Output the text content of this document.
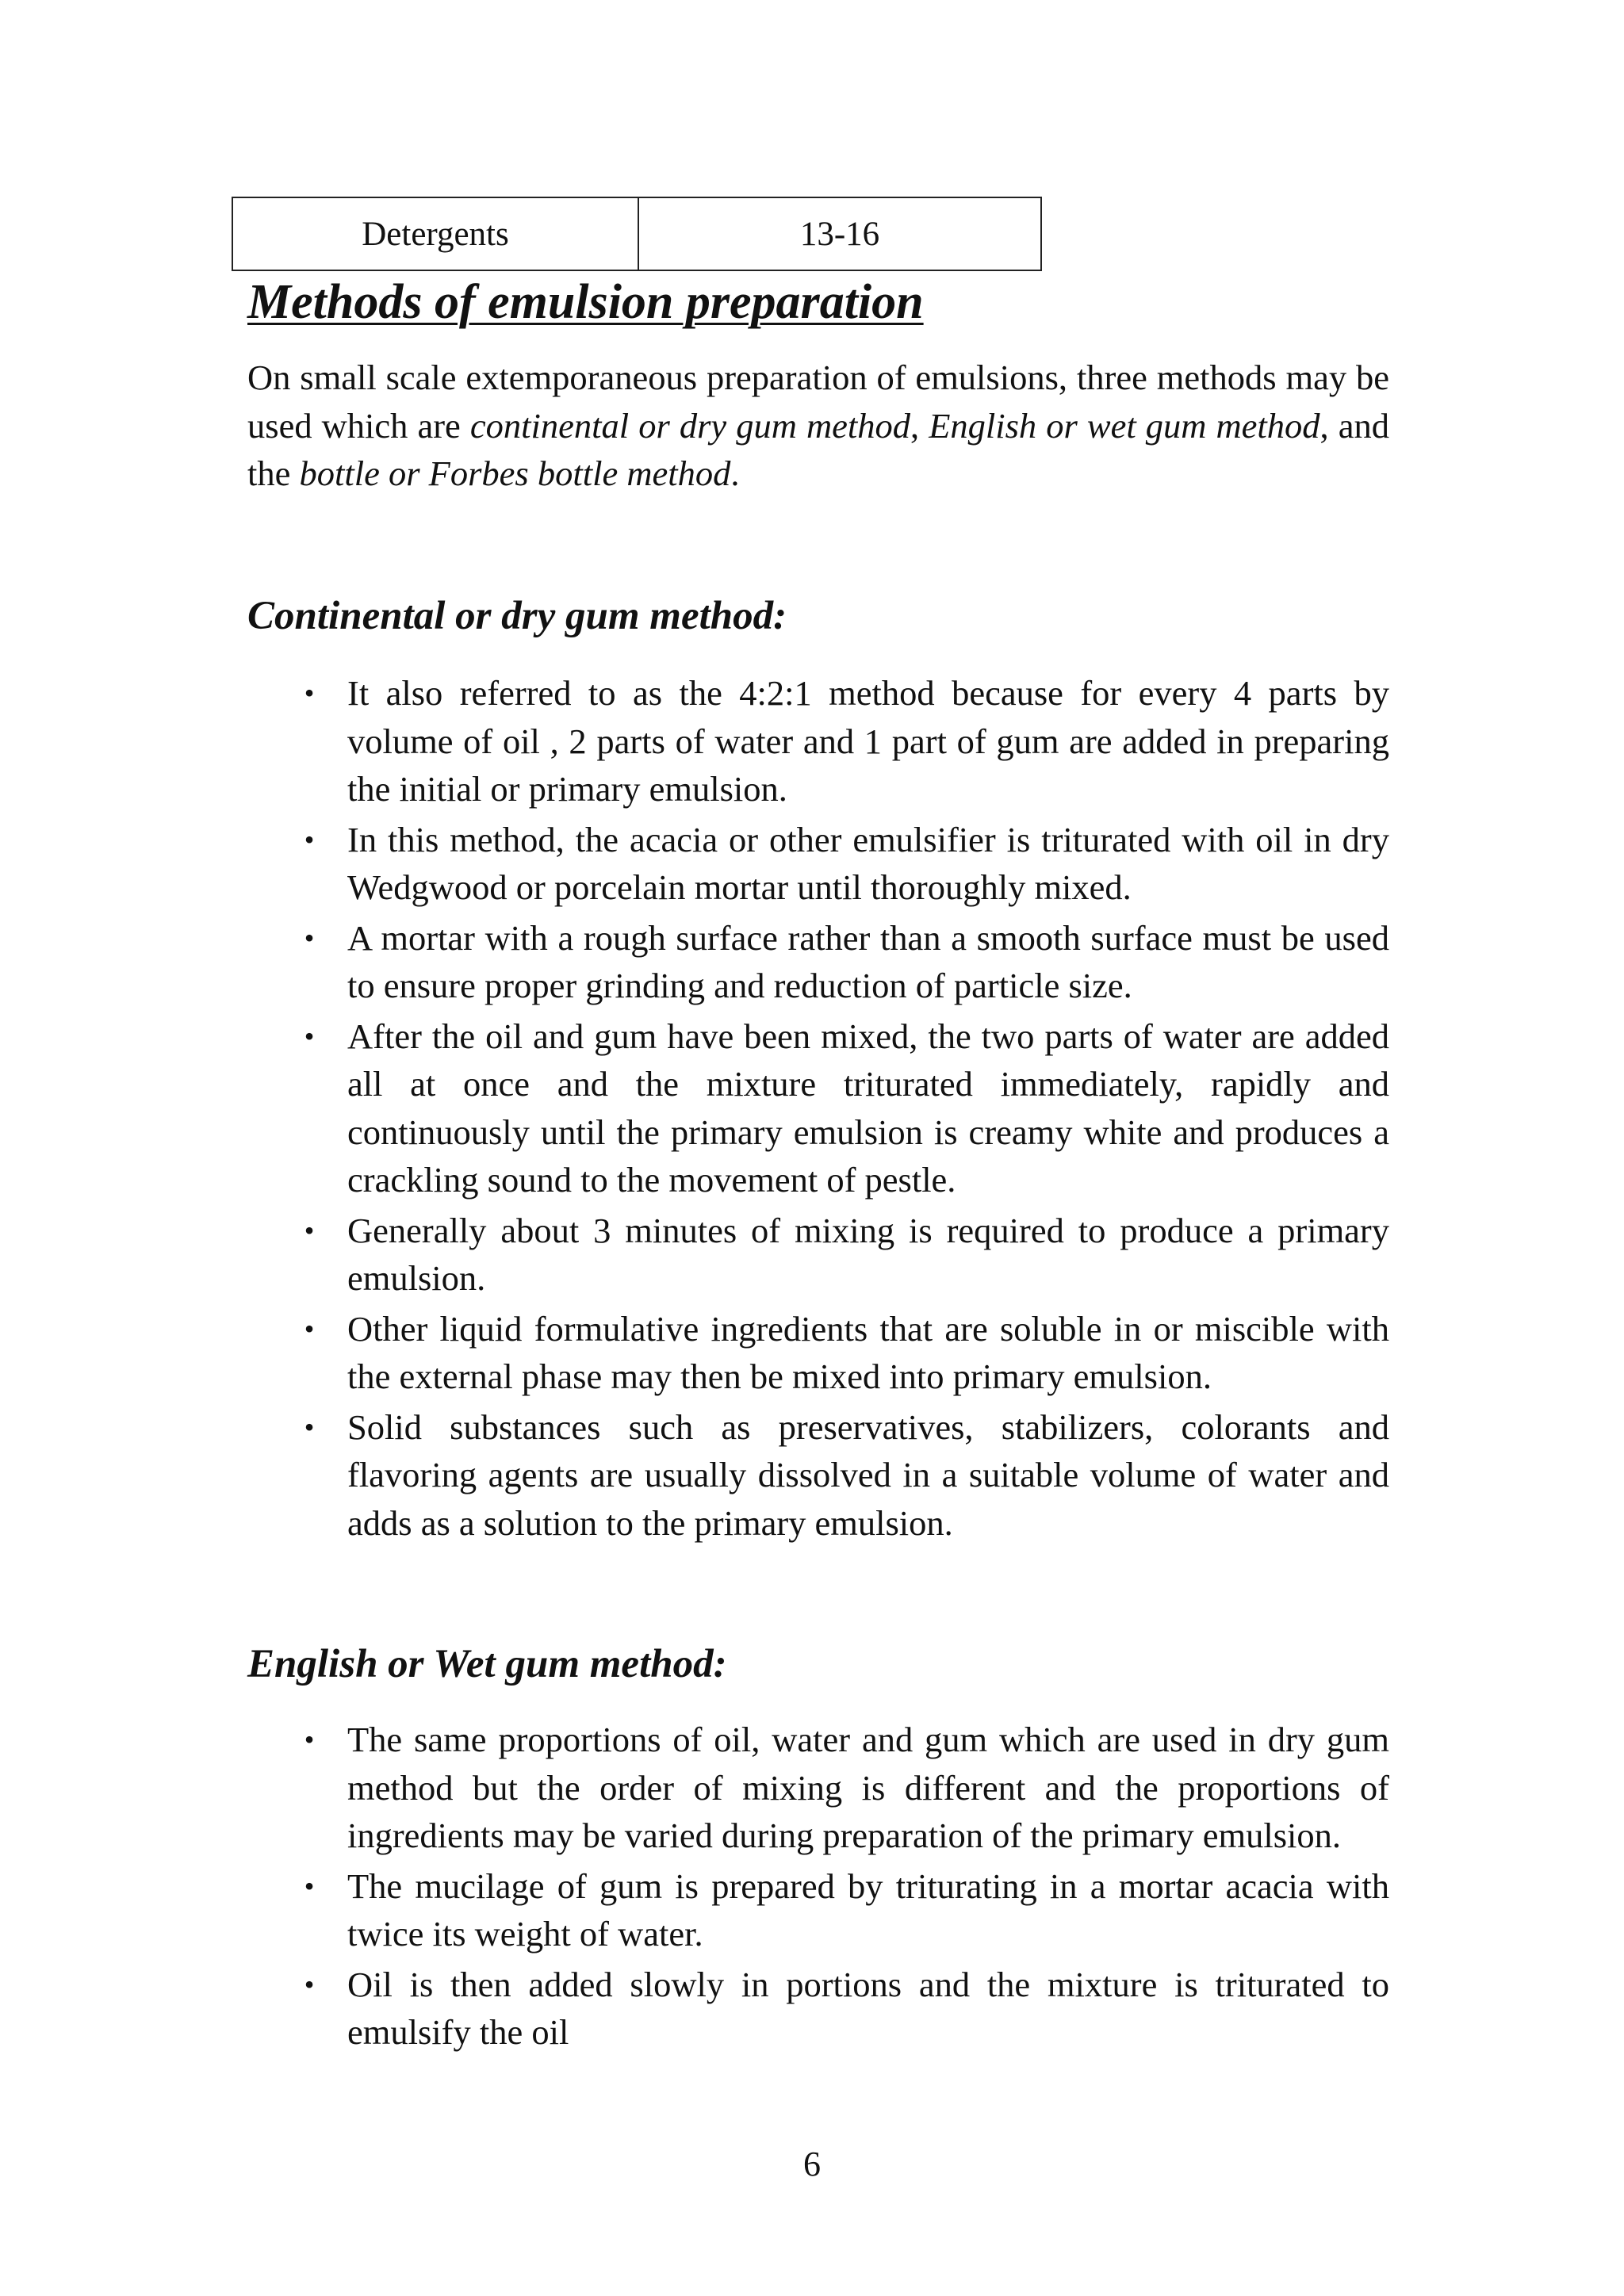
Detergents	13-16
Methods of emulsion preparation

On small scale extemporaneous preparation of emulsions, three methods may be used which are continental or dry gum method, English or wet gum method, and the bottle or Forbes bottle method.

Continental or dry gum method:
• It also referred to as the 4:2:1 method because for every 4 parts by volume of oil , 2 parts of water and 1 part of gum are added in preparing the initial or primary emulsion.
• In this method, the acacia or other emulsifier is triturated with oil in dry Wedgwood or porcelain mortar until thoroughly mixed.
• A mortar with a rough surface rather than a smooth surface must be used to ensure proper grinding and reduction of particle size.
• After the oil and gum have been mixed, the two parts of water are added all at once and the mixture triturated immediately, rapidly and continuously until the primary emulsion is creamy white and produces a crackling sound to the movement of pestle.
• Generally about 3 minutes of mixing is required to produce a primary emulsion.
• Other liquid formulative ingredients that are soluble in or miscible with the external phase may then be mixed into primary emulsion.
• Solid substances such as preservatives, stabilizers, colorants and flavoring agents are usually dissolved in a suitable volume of water and adds as a solution to the primary emulsion.
English or Wet gum method:
• The same proportions of oil, water and gum which are used in dry gum method but the order of mixing is different and the proportions of ingredients may be varied during preparation of the primary emulsion.
• The mucilage of gum is prepared by triturating in a mortar acacia with twice its weight of water.
• Oil is then added slowly in portions and the mixture is triturated to emulsify the oil

6
